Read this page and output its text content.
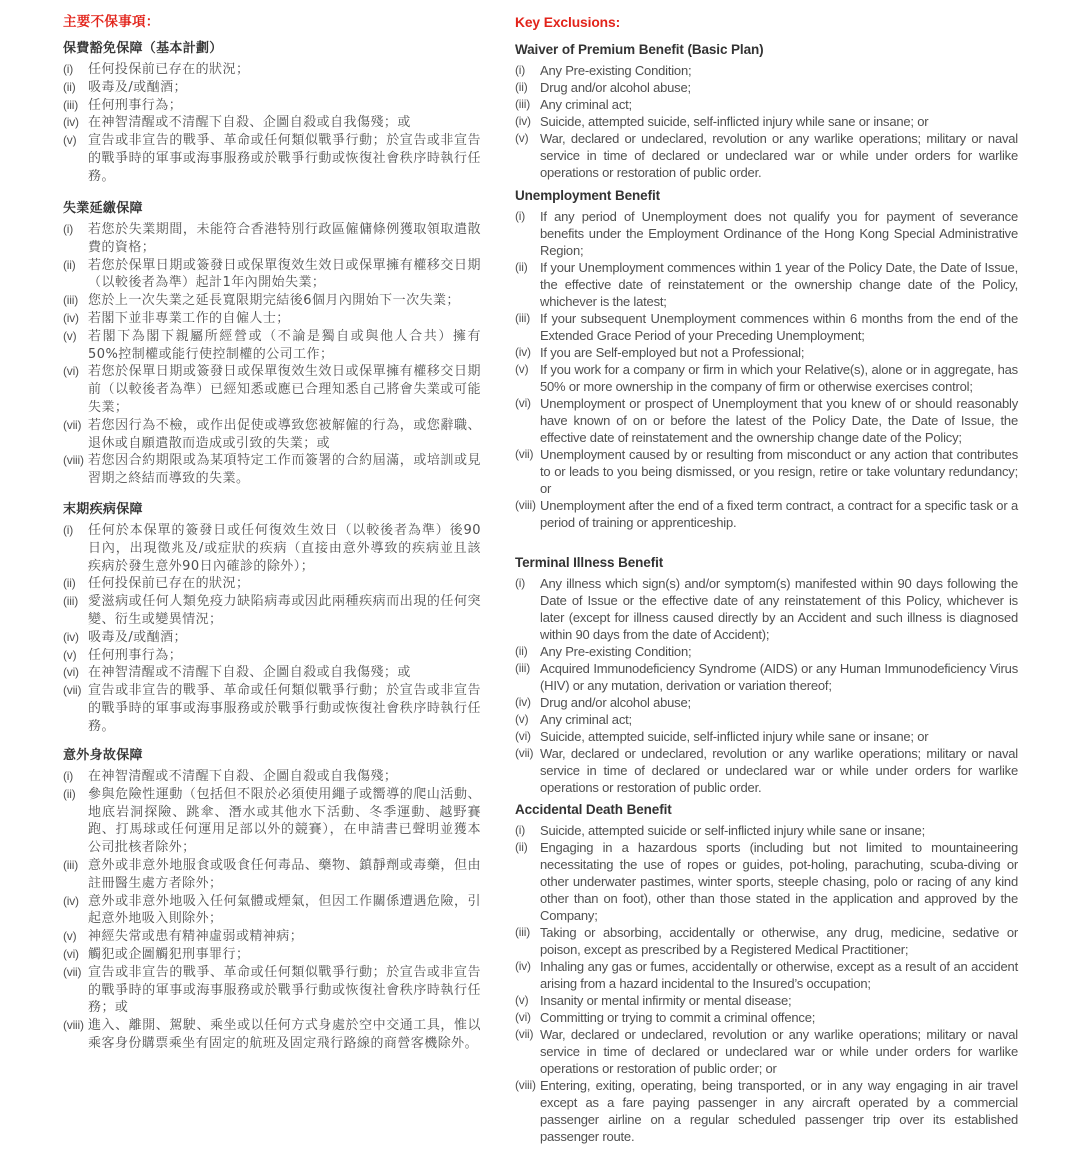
主要不保事項：
保費豁免保障（基本計劃）
(i)	任何投保前已存在的狀況；
(ii) 吸毒及/或酗酒；
(iii) 任何刑事行為；
(iv) 在神智清醒或不清醒下自殺、企圖自殺或自我傷殘；或
(v) 宣告或非宣告的戰爭、革命或任何類似戰爭行動；於宣告或非宣告的戰爭時的軍事或海事服務或於戰爭行動或恢復社會秩序時執行任務。
失業延繳保障
(i)	若您於失業期間，未能符合香港特別行政區僱傭條例獲取領取遣散費的資格；
(ii) 若您於保單日期或簽發日或保單復效生效日或保單擁有權移交日期（以較後者為準）起計1年內開始失業；
(iii) 您於上一次失業之延長寬限期完結後6個月內開始下一次失業；
(iv) 若閣下並非專業工作的自僱人士；
(v) 若閣下為閣下親屬所經營或（不論是獨自或與他人合共）擁有50%控制權或能行使控制權的公司工作；
(vi) 若您於保單日期或簽發日或保單復效生效日或保單擁有權移交日期前（以較後者為準）已經知悉或應已合理知悉自己將會失業或可能失業；
(vii) 若您因行為不檢，或作出促使或導致您被解僱的行為，或您辭職、退休或自願遣散而造成或引致的失業；或
(viii) 若您因合約期限或為某項特定工作而簽署的合約屆滿，或培訓或見習期之終結而導致的失業。
末期疾病保障
(i)	任何於本保單的簽發日或任何復效生效日（以較後者為準）後90日內，出現徵兆及/或症狀的疾病（直接由意外導致的疾病並且該疾病於發生意外90日內確診的除外）；
(ii) 任何投保前已存在的狀況；
(iii) 愛滋病或任何人類免疫力缺陷病毒或因此兩種疾病而出現的任何突變、衍生或變異情況；
(iv) 吸毒及/或酗酒；
(v) 任何刑事行為；
(vi) 在神智清醒或不清醒下自殺、企圖自殺或自我傷殘；或
(vii) 宣告或非宣告的戰爭、革命或任何類似戰爭行動；於宣告或非宣告的戰爭時的軍事或海事服務或於戰爭行動或恢復社會秩序時執行任務。
意外身故保障
(i)	在神智清醒或不清醒下自殺、企圖自殺或自我傷殘；
(ii) 參與危險性運動（包括但不限於必須使用繩子或嚮導的爬山活動、地底岩洞探險、跳傘、潛水或其他水下活動、冬季運動、越野賽跑、打馬球或任何運用足部以外的競賽），在申請書已聲明並獲本公司批核者除外；
(iii) 意外或非意外地服食或吸食任何毒品、藥物、鎮靜劑或毒藥，但由註冊醫生處方者除外；
(iv) 意外或非意外地吸入任何氣體或煙氣，但因工作關係遭遇危險，引起意外地吸入則除外；
(v) 神經失常或患有精神虛弱或精神病；
(vi) 觸犯或企圖觸犯刑事罪行；
(vii) 宣告或非宣告的戰爭、革命或任何類似戰爭行動；於宣告或非宣告的戰爭時的軍事或海事服務或於戰爭行動或恢復社會秩序時執行任務；或
(viii) 進入、離開、駕駛、乘坐或以任何方式身處於空中交通工具，惟以乘客身份購票乘坐有固定的航班及固定飛行路線的商營客機除外。
Key Exclusions:
Waiver of Premium Benefit (Basic Plan)
(i)	Any Pre-existing Condition;
(ii) Drug and/or alcohol abuse;
(iii) Any criminal act;
(iv) Suicide, attempted suicide, self-inflicted injury while sane or insane; or
(v) War, declared or undeclared, revolution or any warlike operations; military or naval service in time of declared or undeclared war or while under orders for warlike operations or restoration of public order.
Unemployment Benefit
(i)	If any period of Unemployment does not qualify you for payment of severance benefits under the Employment Ordinance of the Hong Kong Special Administrative Region;
(ii) If your Unemployment commences within 1 year of the Policy Date, the Date of Issue, the effective date of reinstatement or the ownership change date of the Policy, whichever is the latest;
(iii) If your subsequent Unemployment commences within 6 months from the end of the Extended Grace Period of your Preceding Unemployment;
(iv) If you are Self-employed but not a Professional;
(v) If you work for a company or firm in which your Relative(s), alone or in aggregate, has 50% or more ownership in the company of firm or otherwise exercises control;
(vi) Unemployment or prospect of Unemployment that you knew of or should reasonably have known of on or before the latest of the Policy Date, the Date of Issue, the effective date of reinstatement and the ownership change date of the Policy;
(vii) Unemployment caused by or resulting from misconduct or any action that contributes to or leads to you being dismissed, or you resign, retire or take voluntary redundancy; or
(viii) Unemployment after the end of a fixed term contract, a contract for a specific task or a period of training or apprenticeship.
Terminal Illness Benefit
(i)	Any illness which sign(s) and/or symptom(s) manifested within 90 days following the Date of Issue or the effective date of any reinstatement of this Policy, whichever is later (except for illness caused directly by an Accident and such illness is diagnosed within 90 days from the date of Accident);
(ii) Any Pre-existing Condition;
(iii) Acquired Immunodeficiency Syndrome (AIDS) or any Human Immunodeficiency Virus (HIV) or any mutation, derivation or variation thereof;
(iv) Drug and/or alcohol abuse;
(v) Any criminal act;
(vi) Suicide, attempted suicide, self-inflicted injury while sane or insane; or
(vii) War, declared or undeclared, revolution or any warlike operations; military or naval service in time of declared or undeclared war or while under orders for warlike operations or restoration of public order.
Accidental Death Benefit
(i)	Suicide, attempted suicide or self-inflicted injury while sane or insane;
(ii) Engaging in a hazardous sports (including but not limited to mountaineering necessitating the use of ropes or guides, pot-holing, parachuting, scuba-diving or other underwater pastimes, winter sports, steeple chasing, polo or racing of any kind other than on foot), other than those stated in the application and approved by the Company;
(iii) Taking or absorbing, accidentally or otherwise, any drug, medicine, sedative or poison, except as prescribed by a Registered Medical Practitioner;
(iv) Inhaling any gas or fumes, accidentally or otherwise, except as a result of an accident arising from a hazard incidental to the Insured’s occupation;
(v) Insanity or mental infirmity or mental disease;
(vi) Committing or trying to commit a criminal offence;
(vii) War, declared or undeclared, revolution or any warlike operations; military or naval service in time of declared or undeclared war or while under orders for warlike operations or restoration of public order; or
(viii) Entering, exiting, operating, being transported, or in any way engaging in air travel except as a fare paying passenger in any aircraft operated by a commercial passenger airline on a regular scheduled passenger trip over its established passenger route.
